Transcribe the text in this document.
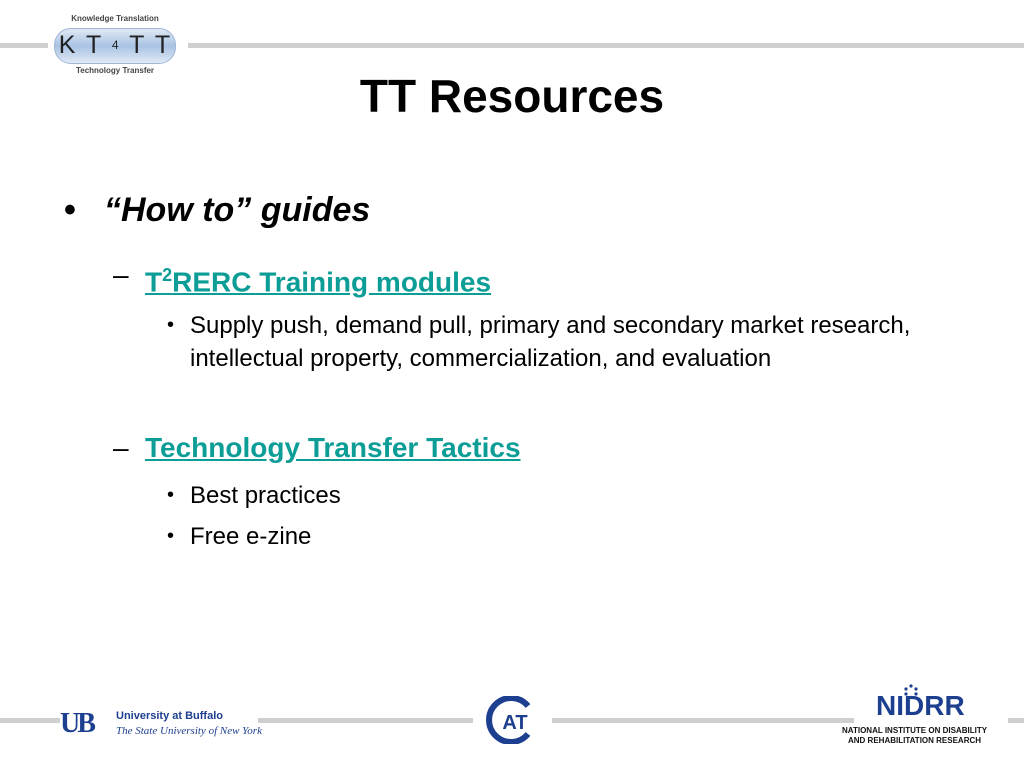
Knowledge Translation
K T 4 T T
Technology Transfer	TT Resources
• “How to” guides
– $T^2RERC$ Training modules
• Supply push, demand pull, primary and secondary market research, intellectual property, commercialization, and evaluation
– Technology Transfer Tactics
• Best practices
• Free e-zine
UB University at Buffalo
The State University of New York	AT
NIDRR
NATIONAL INSTITUTE ON DISABILITY
AND REHABILITATION RESEARCH
